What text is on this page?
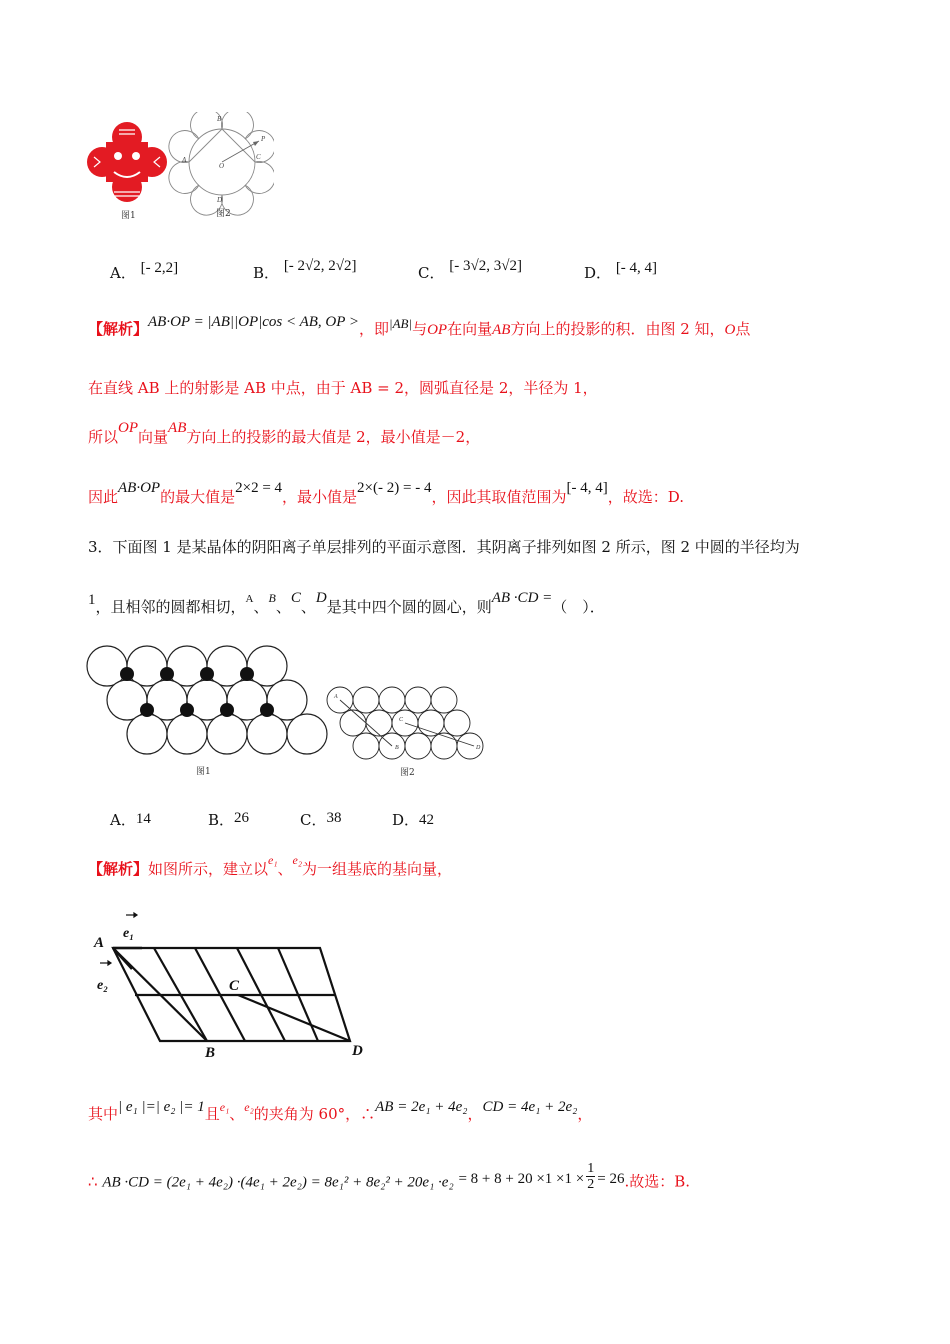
B
A	C
D
O
P
图1	图2
A． [- 2,2]	B． [- 2√2, 2√2]	C． [- 3√2, 3√2]	D． [- 4, 4]
【解析】AB·OP = |AB||OP|cos < AB, OP >，即|AB|与OP在向量AB方向上的投影的积．由图 2 知，O点
在直线 AB 上的射影是 AB 中点，由于 AB = 2，圆弧直径是 2，半径为 1，
所以OP向量AB方向上的投影的最大值是 2，最小值是－2，
因此AB·OP的最大值是2×2 = 4，最小值是2×(- 2) = - 4，因此其取值范围为[- 4, 4]，故选：D.
3．下面图 1 是某晶体的阴阳离子单层排列的平面示意图．其阴离子排列如图 2 所示，图 2 中圆的半径均为
1，且相邻的圆都相切，$^A$、$^B$、C、D是其中四个圆的圆心，则AB ·CD =（　）．
A
B
C
D
图1	图2
A．14	B．26	C．38	D．42
【解析】如图所示，建立以$^{e_1}$、$^{e_2}$为一组基底的基向量，
A
B
C
D
e₁
e₂
其中| e₁ |=| e₂ |= 1且$^{e_1}$、$^{e_2}$的夹角为 60°，∴AB = 2e₁ + 4e₂，CD = 4e₁ + 2e₂，
∴ AB $\cdot CD = (2e_1 + 4e_2) \cdot(4e_1 + 2e_2) = 8e_1^2 + 8e_2^2 + 20e_1 \cdot e_2 = 8 + 8 + 20 \times 1 \times 1 \times \frac{1}{2} = 26$.故选：B.
